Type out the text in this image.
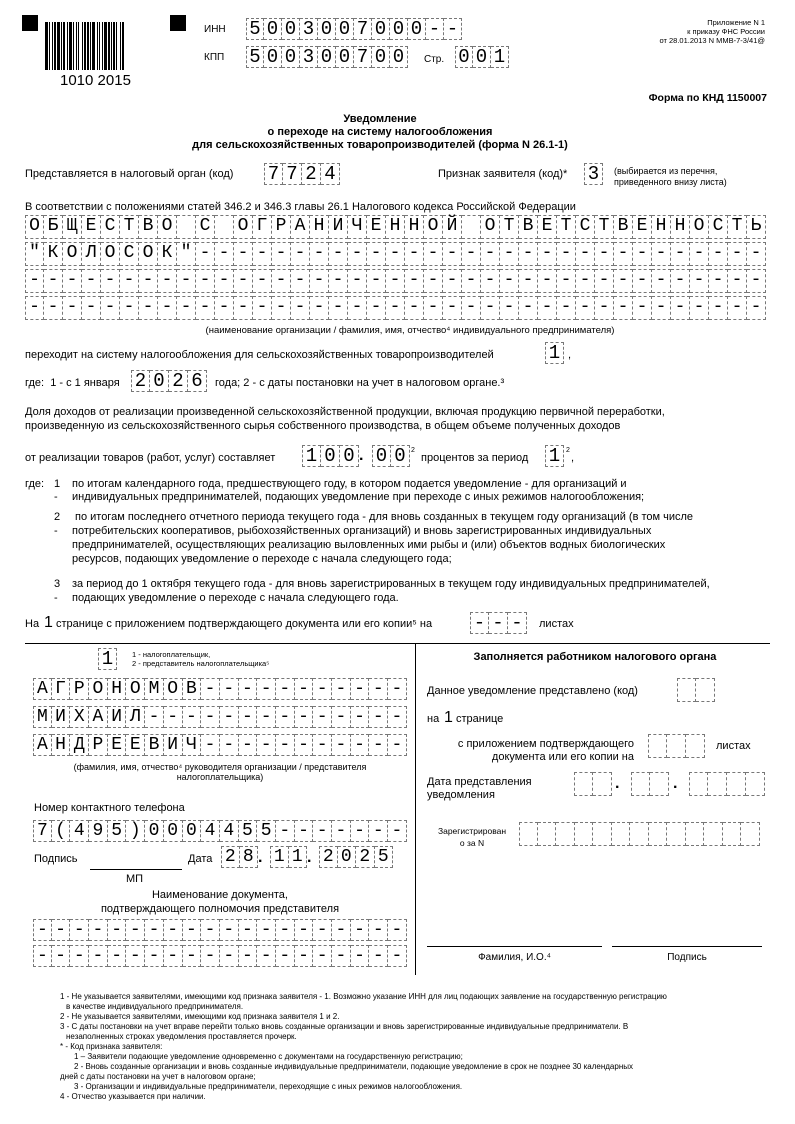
1010 2015
ИНН 5 0 0 3 0 0 7 0 0 0 - -
КПП 5 0 0 3 0 0 7 0 0	Стр. 0 0 1
Приложение N 1
к приказу ФНС России
от 28.01.2013 N ММВ-7-3/41@
Форма по КНД 1150007
Уведомление
о переходе на систему налогообложения
для сельскохозяйственных товаропроизводителей (форма N 26.1-1)
Представляется в налоговый орган (код) 7 7 2 4	Признак заявителя (код)* 3	(выбирается из перечня,
приведенного внизу листа)
В соответствии с положениями статей 346.2 и 346.3 главы 26.1 Налогового кодекса Российской Федерации
О Б Щ Е С Т В О С О Г Р А Н И Ч Е Н Н О Й О Т В Е Т С Т В Е Н Н О С Т Ь
" К О Л О С О К " - - - - - - - - - - - - - - - - - - - - - - - - - - - - - -
- - - - - - - - - - - - - - - - - - - - - - - - - - - - - - - - - - - - - - -
- - - - - - - - - - - - - - - - - - - - - - - - - - - - - - - - - - - - - - -
(наименование организации / фамилия, имя, отчество⁴ индивидуального предпринимателя)
переходит на систему налогообложения для сельскохозяйственных товаропроизводителей	1 ,
где:  1 - с 1 января 2 0 2 6	года; 2 - с даты постановки на учет в налоговом органе.³
Доля доходов от реализации произведенной сельскохозяйственной продукции, включая продукцию первичной переработки,
произведенную из сельскохозяйственного сырья собственного производства, в общем объеме полученных доходов
от реализации товаров (работ, услуг) составляет 1 0 0 . 0 0 2
процентов за период 1 2
,
где: 1
-
по итогам календарного года, предшествующего году, в котором подается уведомление - для организаций и
индивидуальных предпринимателей, подающих уведомление при переходе с иных режимов налогообложения;
2
-
по итогам последнего отчетного периода текущего года - для вновь созданных в текущем году организаций (в том числе
потребительских кооперативов, рыбохозяйственных организаций) и вновь зарегистрированных индивидуальных
предпринимателей, осуществляющих реализацию выловленных ими рыбы и (или) объектов водных биологических
ресурсов, подающих уведомление о переходе с начала следующего года;
3
-
за период до 1 октября текущего года - для вновь зарегистрированных в текущем году индивидуальных предпринимателей,
подающих уведомление о переходе с начала следующего года.
На 1 странице с приложением подтверждающего документа или его копии⁵ на - - -	листах
1	1 - налогоплательщик,
2 - представитель налогоплательщика⁵
А Г Р О Н О М О В - - - - - - - - - - -
М И Х А И Л - - - - - - - - - - - - - -
А Н Д Р Е Е В И Ч - - - - - - - - - - -
(фамилия, имя, отчество⁴ руководителя организации / представителя
налогоплательщика)
Номер контактного телефона
7 ( 4 9 5 ) 0 0 0 4 4 5 5 - - - - - - -
Подпись
МП
Дата 2 8 . 1 1 . 2 0 2 5
Наименование документа,
подтверждающего полномочия представителя
- - - - - - - - - - - - - - - - - - - -
- - - - - - - - - - - - - - - - - - - -
Заполняется работником налогового органа
Данное уведомление представлено (код)
на 1 странице
с приложением подтверждающего
документа или его копии на
листах
Дата представления
уведомления
.	.
Зарегистрирован
о за N
Фамилия, И.О.⁴	Подпись
1 - Не указывается заявителями, имеющими код признака заявителя - 1. Возможно указание ИНН для лиц подающих заявление на государственную регистрацию
в качестве индивидуального предпринимателя.
2 - Не указывается заявителями, имеющими код признака заявителя 1 и 2.
3 - С даты постановки на учет вправе перейти только вновь созданные организации и вновь зарегистрированные индивидуальные предприниматели. В
незаполненных строках уведомления проставляется прочерк.
* - Код признака заявителя:
1 – Заявители подающие уведомление одновременно с документами на государственную регистрацию;
2 - Вновь созданные организации и вновь созданные индивидуальные предприниматели, подающие уведомление в срок не позднее 30 календарных
дней с даты постановки на учет в налоговом органе;
3 - Организации и индивидуальные предприниматели, переходящие с иных режимов налогообложения.
4 - Отчество указывается при наличии.
